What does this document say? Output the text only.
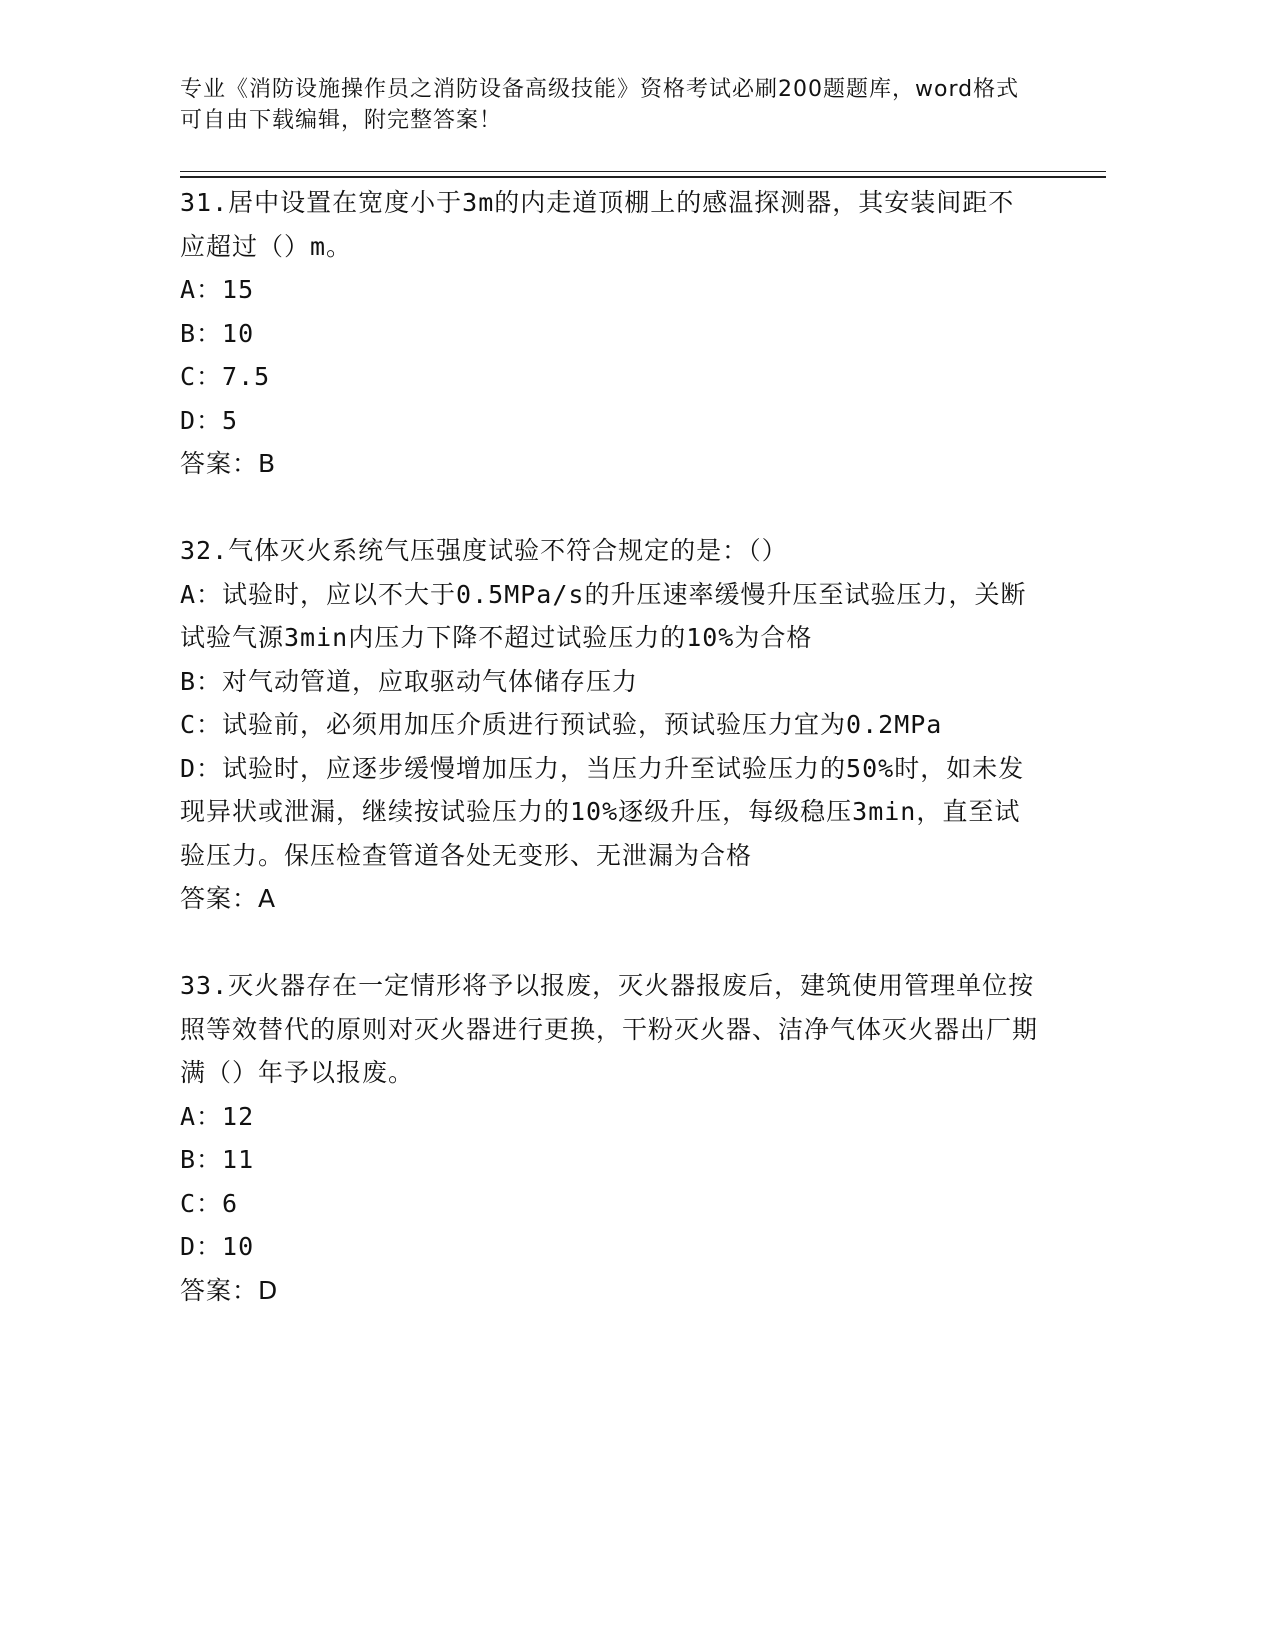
专业《消防设施操作员之消防设备高级技能》资格考试必刷200题题库，word格式可自由下载编辑，附完整答案！

31.居中设置在宽度小于3m的内走道顶棚上的感温探测器，其安装间距不应超过（）m。

A：15

B：10

C：7.5

D：5

答案：B

32.气体灭火系统气压强度试验不符合规定的是：（）

A：试验时，应以不大于0.5MPa/s的升压速率缓慢升压至试验压力，关断试验气源3min内压力下降不超过试验压力的10%为合格

B：对气动管道，应取驱动气体储存压力

C：试验前，必须用加压介质进行预试验，预试验压力宜为0.2MPa

D：试验时，应逐步缓慢增加压力，当压力升至试验压力的50%时，如未发现异状或泄漏，继续按试验压力的10%逐级升压，每级稳压3min，直至试验压力。保压检查管道各处无变形、无泄漏为合格

答案：A

33.灭火器存在一定情形将予以报废，灭火器报废后，建筑使用管理单位按照等效替代的原则对灭火器进行更换，干粉灭火器、洁净气体灭火器出厂期满（）年予以报废。

A：12

B：11

C：6

D：10

答案：D
